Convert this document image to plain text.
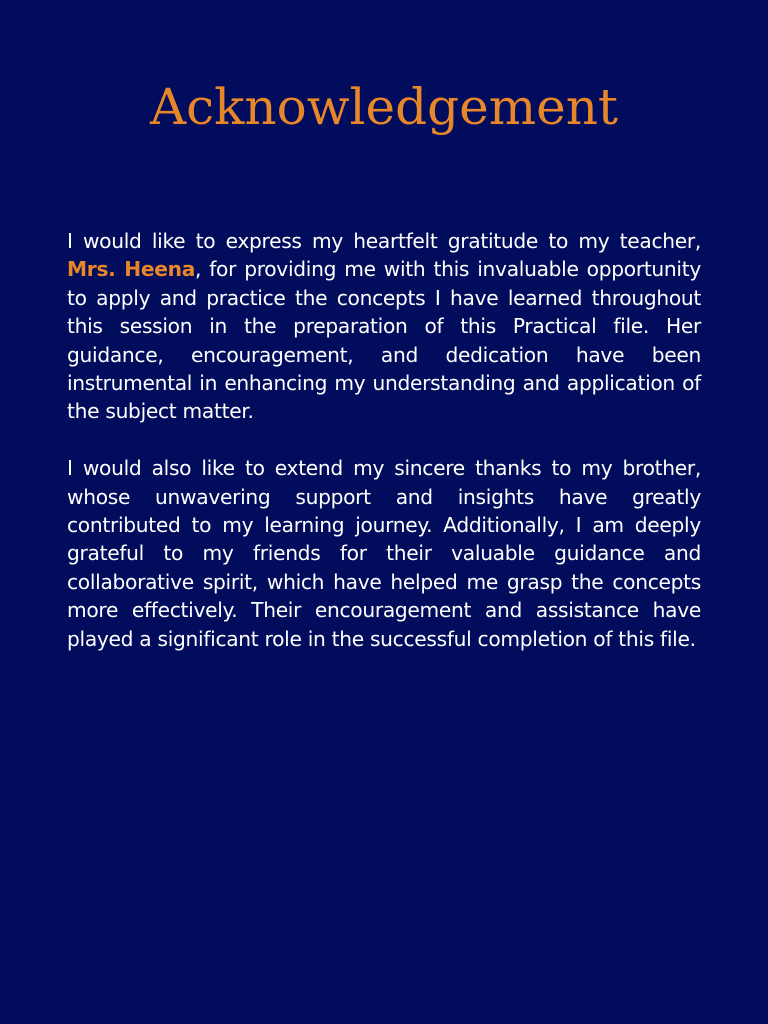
Acknowledgement

I would like to express my heartfelt gratitude to my teacher, Mrs. Heena, for providing me with this invaluable opportunity to apply and practice the concepts I have learned throughout this session in the preparation of this Practical file. Her guidance, encouragement, and dedication have been instrumental in enhancing my understanding and application of the subject matter.

I would also like to extend my sincere thanks to my brother, whose unwavering support and insights have greatly contributed to my learning journey. Additionally, I am deeply grateful to my friends for their valuable guidance and collaborative spirit, which have helped me grasp the concepts more effectively. Their encouragement and assistance have played a significant role in the successful completion of this file.
